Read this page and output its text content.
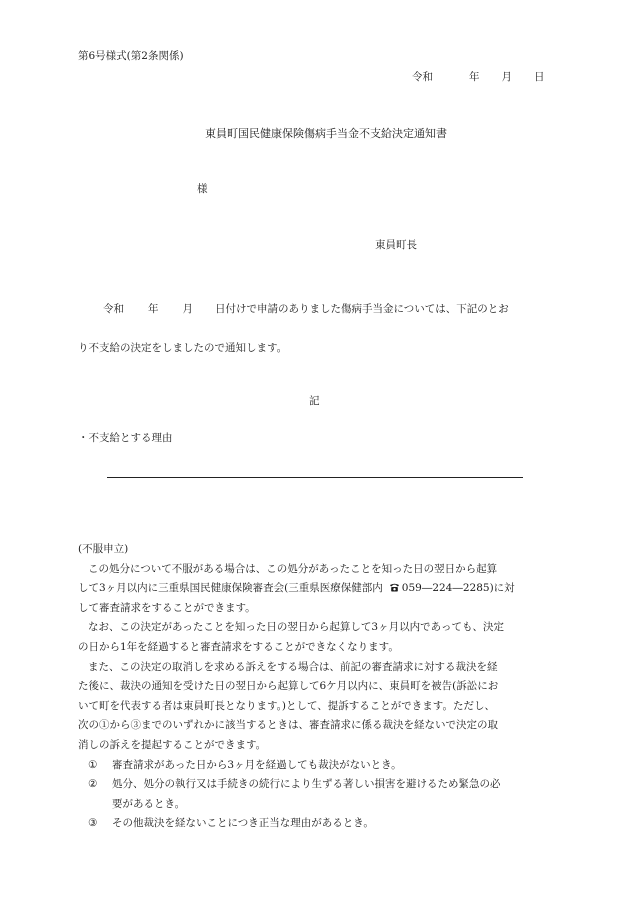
第6号様式(第2条関係)
令和	年 月 日
東員町国民健康保険傷病手当金不支給決定通知書
様
東員町長
令和 年 月 日付けで申請のありました傷病手当金については、下記のとお
り不支給の決定をしましたので通知します。
記
・不支給とする理由
(不服申立)
この処分について不服がある場合は、この処分があったことを知った日の翌日から起算
して3ヶ月以内に三重県国民健康保険審査会(三重県医療保健部内 059―224―2285)に対
して審査請求をすることができます。
なお、この決定があったことを知った日の翌日から起算して3ヶ月以内であっても、決定
の日から1年を経過すると審査請求をすることができなくなります。
また、この決定の取消しを求める訴えをする場合は、前記の審査請求に対する裁決を経
た後に、裁決の通知を受けた日の翌日から起算して6ケ月以内に、東員町を被告(訴訟にお
いて町を代表する者は東員町長となります。)として、提訴することができます。ただし、
次の①から③までのいずれかに該当するときは、審査請求に係る裁決を経ないで決定の取
消しの訴えを提起することができます。
① 審査請求があった日から3ヶ月を経過しても裁決がないとき。
② 処分、処分の執行又は手続きの続行により生ずる著しい損害を避けるため緊急の必
要があるとき。
③ その他裁決を経ないことにつき正当な理由があるとき。
